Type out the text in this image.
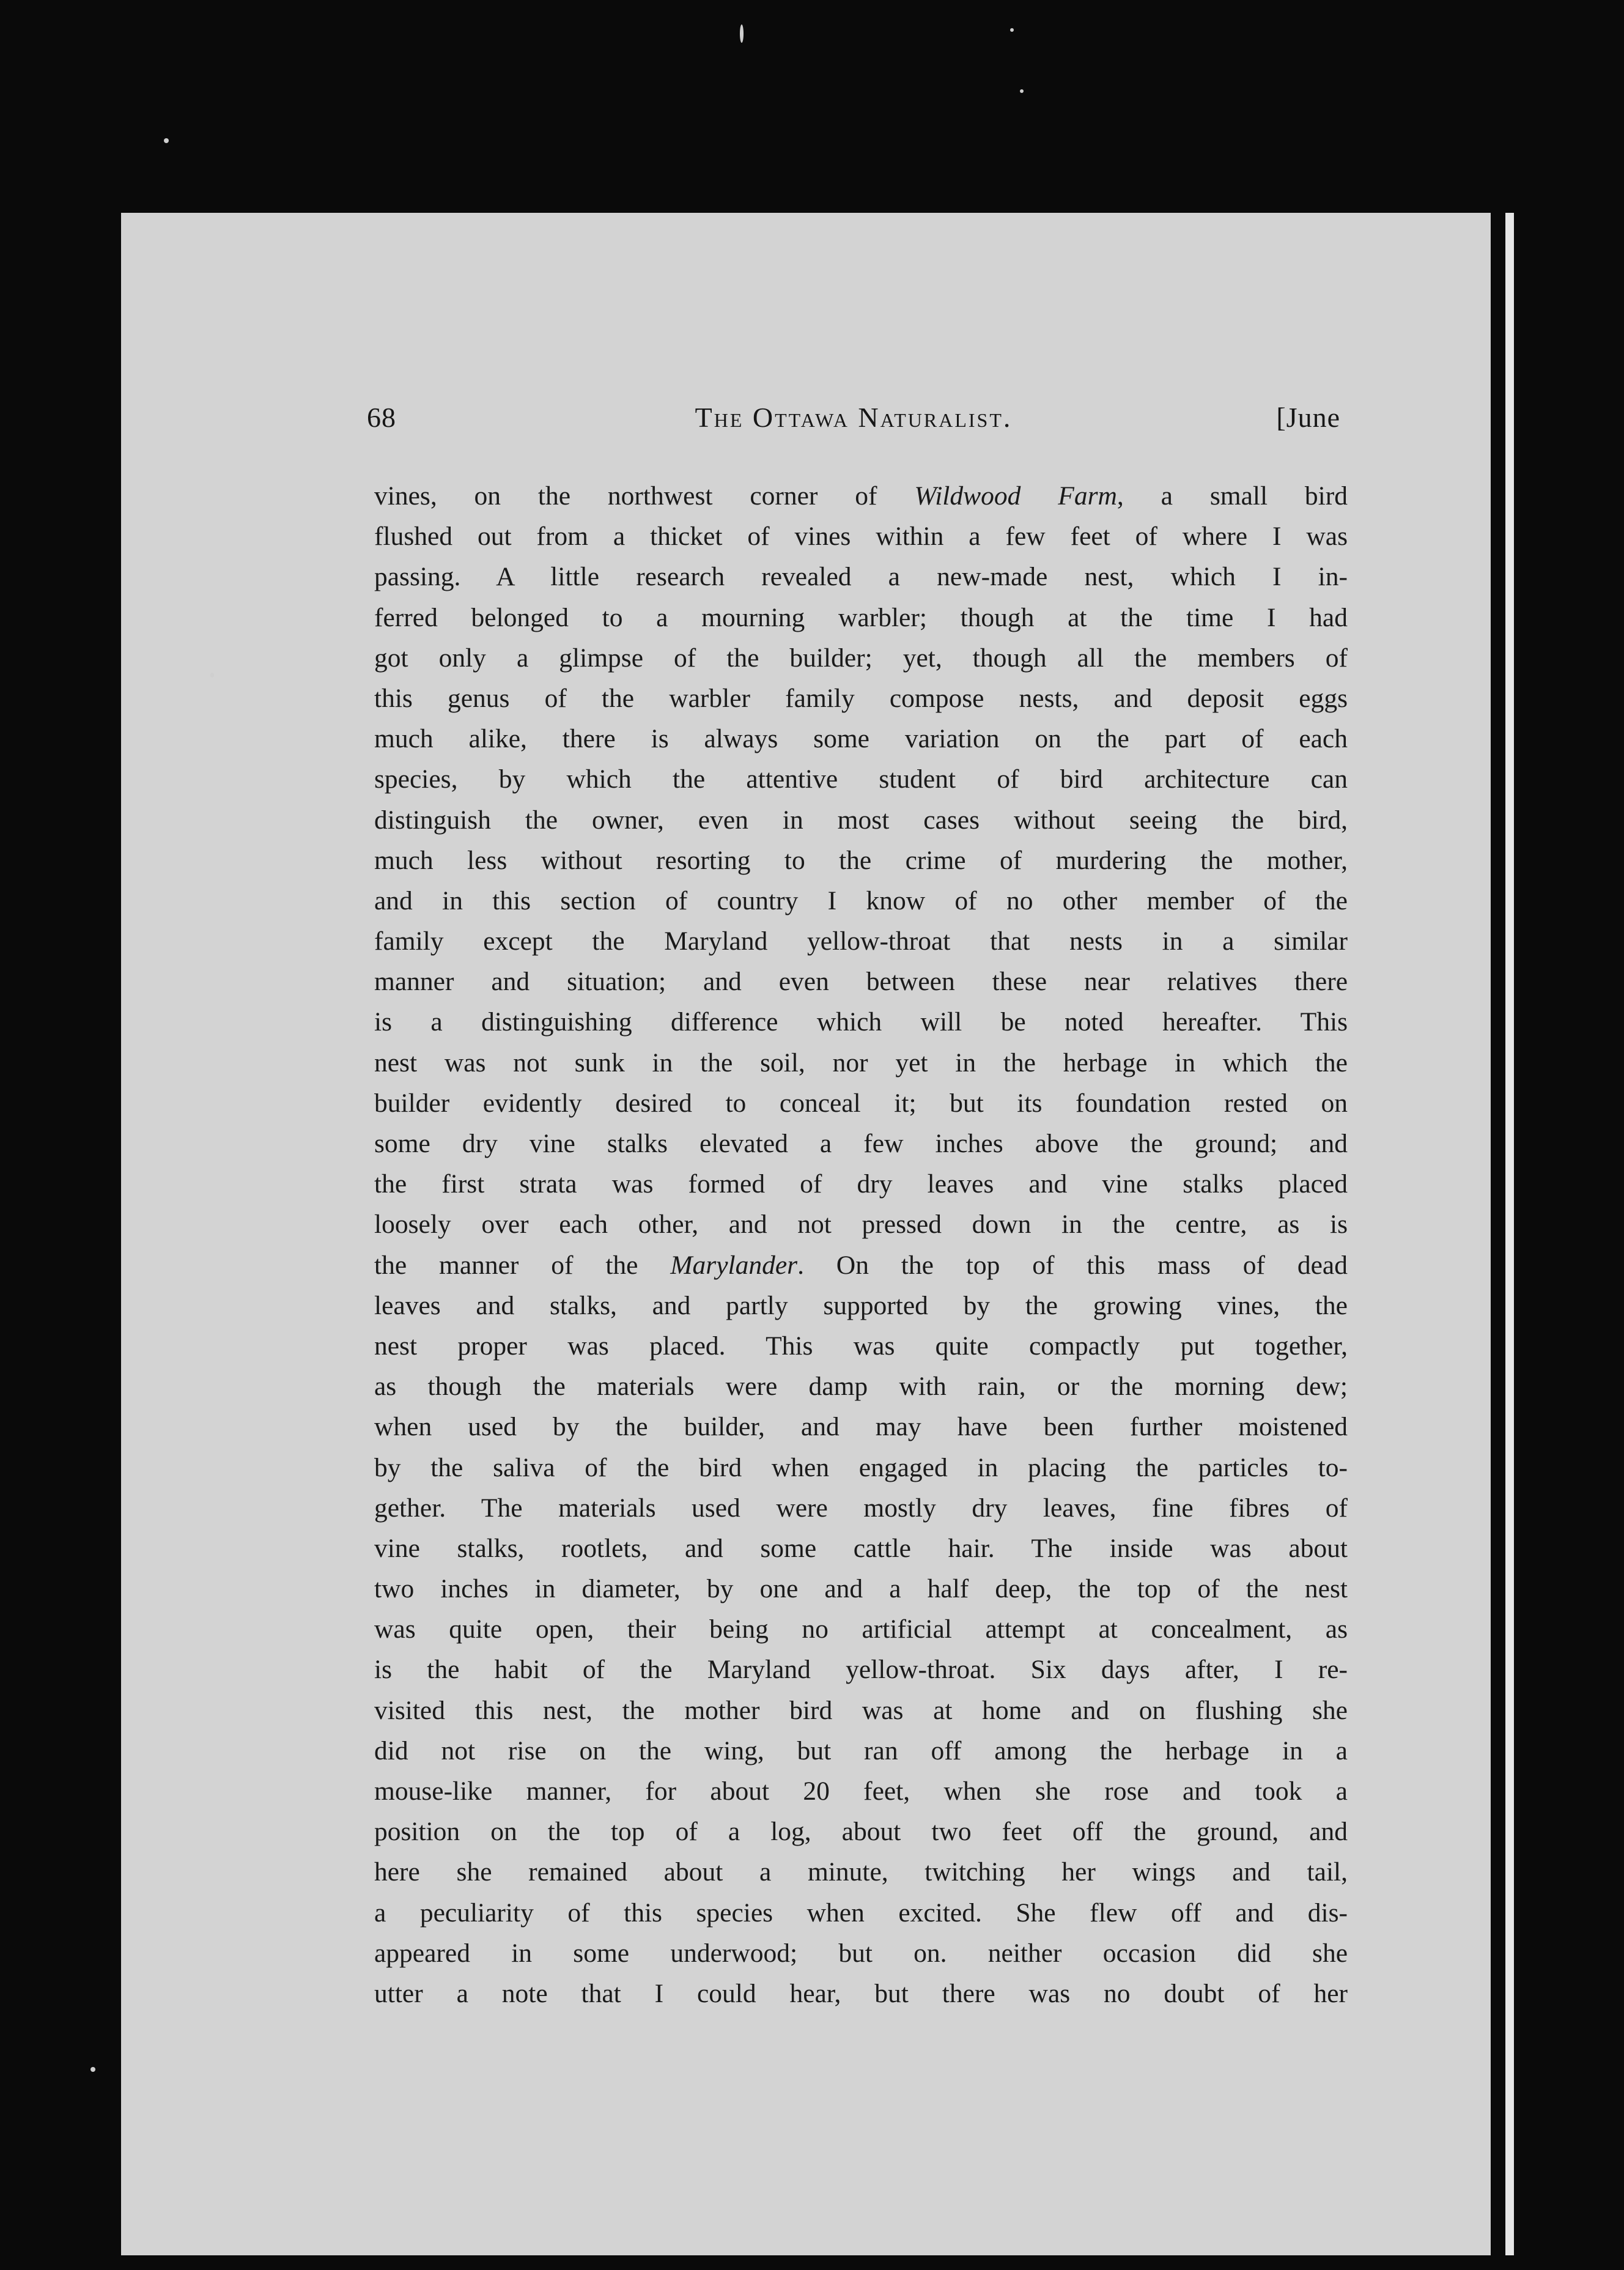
68	The Ottawa Naturalist.	[June
vines, on the northwest corner of Wildwood Farm, a small bird
flushed out from a thicket of vines within a few feet of where I was
passing. A little research revealed a new-made nest, which I in-
ferred belonged to a mourning warbler; though at the time I had
got only a glimpse of the builder; yet, though all the members of
this genus of the warbler family compose nests, and deposit eggs
much alike, there is always some variation on the part of each
species, by which the attentive student of bird architecture can
distinguish the owner, even in most cases without seeing the bird,
much less without resorting to the crime of murdering the mother,
and in this section of country I know of no other member of the
family except the Maryland yellow-throat that nests in a similar
manner and situation; and even between these near relatives there
is a distinguishing difference which will be noted hereafter. This
nest was not sunk in the soil, nor yet in the herbage in which the
builder evidently desired to conceal it; but its foundation rested on
some dry vine stalks elevated a few inches above the ground; and
the first strata was formed of dry leaves and vine stalks placed
loosely over each other, and not pressed down in the centre, as is
the manner of the Marylander. On the top of this mass of dead
leaves and stalks, and partly supported by the growing vines, the
nest proper was placed. This was quite compactly put together,
as though the materials were damp with rain, or the morning dew;
when used by the builder, and may have been further moistened
by the saliva of the bird when engaged in placing the particles to-
gether. The materials used were mostly dry leaves, fine fibres of
vine stalks, rootlets, and some cattle hair. The inside was about
two inches in diameter, by one and a half deep, the top of the nest
was quite open, their being no artificial attempt at concealment, as
is the habit of the Maryland yellow-throat. Six days after, I re-
visited this nest, the mother bird was at home and on flushing she
did not rise on the wing, but ran off among the herbage in a
mouse-like manner, for about 20 feet, when she rose and took a
position on the top of a log, about two feet off the ground, and
here she remained about a minute, twitching her wings and tail,
a peculiarity of this species when excited. She flew off and dis-
appeared in some underwood; but on. neither occasion did she
utter a note that I could hear, but there was no doubt of her
